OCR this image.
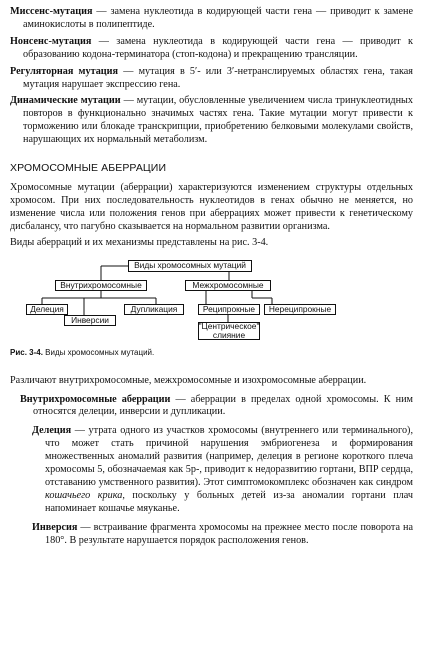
Миссенс-мутация — замена нуклеотида в кодирующей части гена — приводит к замене аминокислоты в полипептиде.

Нонсенс-мутация — замена нуклеотида в кодирующей части гена — приводит к образованию кодона-терминатора (стоп-кодона) и прекращению трансляции.

Регуляторная мутация — мутация в 5′- или 3′-нетранслируемых областях гена, такая мутация нарушает экспрессию гена.

Динамические мутации — мутации, обусловленные увеличением числа тринуклеотидных повторов в функционально значимых частях гена. Такие мутации могут привести к торможению или блокаде транскрипции, приобретению белковыми молекулами свойств, нарушающих их нормальный метаболизм.

ХРОМОСОМНЫЕ АБЕРРАЦИИ

Хромосомные мутации (аберрации) характеризуются изменением структуры отдельных хромосом. При них последовательность нуклеотидов в генах обычно не меняется, но изменение числа или положения генов при аберрациях может привести к генетическому дисбалансу, что пагубно сказывается на нормальном развитии организма.

Виды аберраций и их механизмы представлены на рис. 3-4.

Виды хромосомных мутаций
Внутрихромосомные	Межхромосомные
Делеция	Дупликация
Инверсии
Реципрокные	Нереципрокные
"Центрическое"
слияние

Рис. 3-4. Виды хромосомных мутаций.

Различают внутрихромосомные, межхромосомные и изохромосомные аберрации.

Внутрихромосомные аберрации — аберрации в пределах одной хромосомы. К ним относятся делеции, инверсии и дупликации.

Делеция — утрата одного из участков хромосомы (внутреннего или терминального), что может стать причиной нарушения эмбриогенеза и формирования множественных аномалий развития (например, делеция в регионе короткого плеча хромосомы 5, обозначаемая как 5p-, приводит к недоразвитию гортани, ВПР сердца, отставанию умственного развития). Этот симптомокомплекс обозначен как синдром кошачьего крика, поскольку у больных детей из-за аномалии гортани плач напоминает кошачье мяуканье.

Инверсия — встраивание фрагмента хромосомы на прежнее место после поворота на 180°. В результате нарушается порядок расположения генов.
